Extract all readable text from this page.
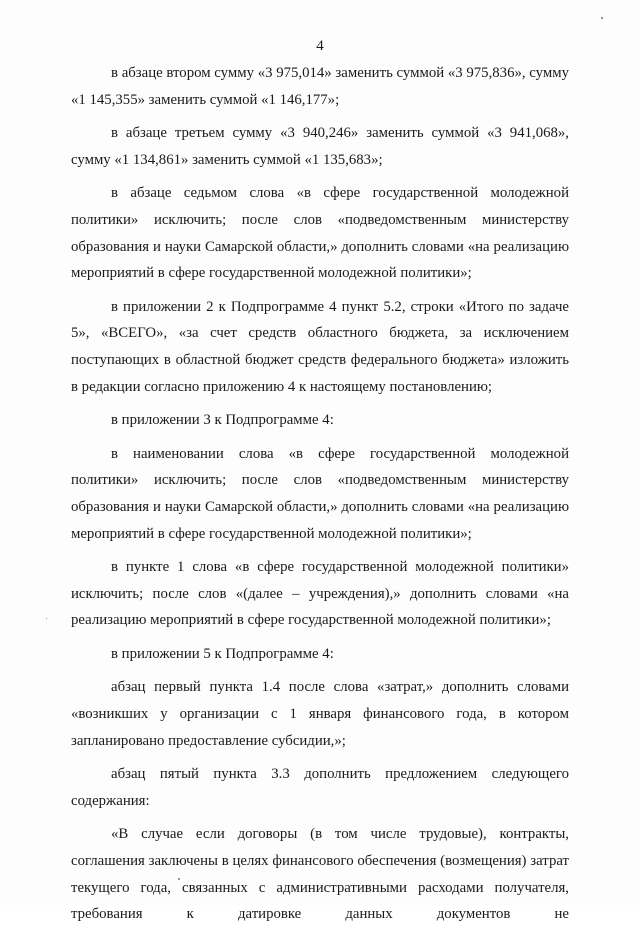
4

в абзаце втором сумму «3 975,014» заменить суммой «3 975,836», сумму «1 145,355» заменить суммой «1 146,177»;

в абзаце третьем сумму «3 940,246» заменить суммой «3 941,068», сумму «1 134,861» заменить суммой «1 135,683»;

в абзаце седьмом слова «в сфере государственной молодежной политики» исключить; после слов «подведомственным министерству образования и науки Самарской области,» дополнить словами «на реализацию мероприятий в сфере государственной молодежной политики»;

в приложении 2 к Подпрограмме 4 пункт 5.2, строки «Итого по задаче 5», «ВСЕГО», «за счет средств областного бюджета, за исключением поступающих в областной бюджет средств федерального бюджета» изложить в редакции согласно приложению 4 к настоящему постановлению;

в приложении 3 к Подпрограмме 4:

в наименовании слова «в сфере государственной молодежной политики» исключить; после слов «подведомственным министерству образования и науки Самарской области,» дополнить словами «на реализацию мероприятий в сфере государственной молодежной политики»;

в пункте 1 слова «в сфере государственной молодежной политики» исключить; после слов «(далее – учреждения),» дополнить словами «на реализацию мероприятий в сфере государственной молодежной политики»;

в приложении 5 к Подпрограмме 4:

абзац первый пункта 1.4 после слова «затрат,» дополнить словами «возникших у организации с 1 января финансового года, в котором запланировано предоставление субсидии,»;

абзац пятый пункта 3.3 дополнить предложением следующего содержания:

«В случае если договоры (в том числе трудовые), контракты, соглашения заключены в целях финансового обеспечения (возмещения) затрат текущего года, связанных с административными расходами получателя, требования к датировке данных документов не
